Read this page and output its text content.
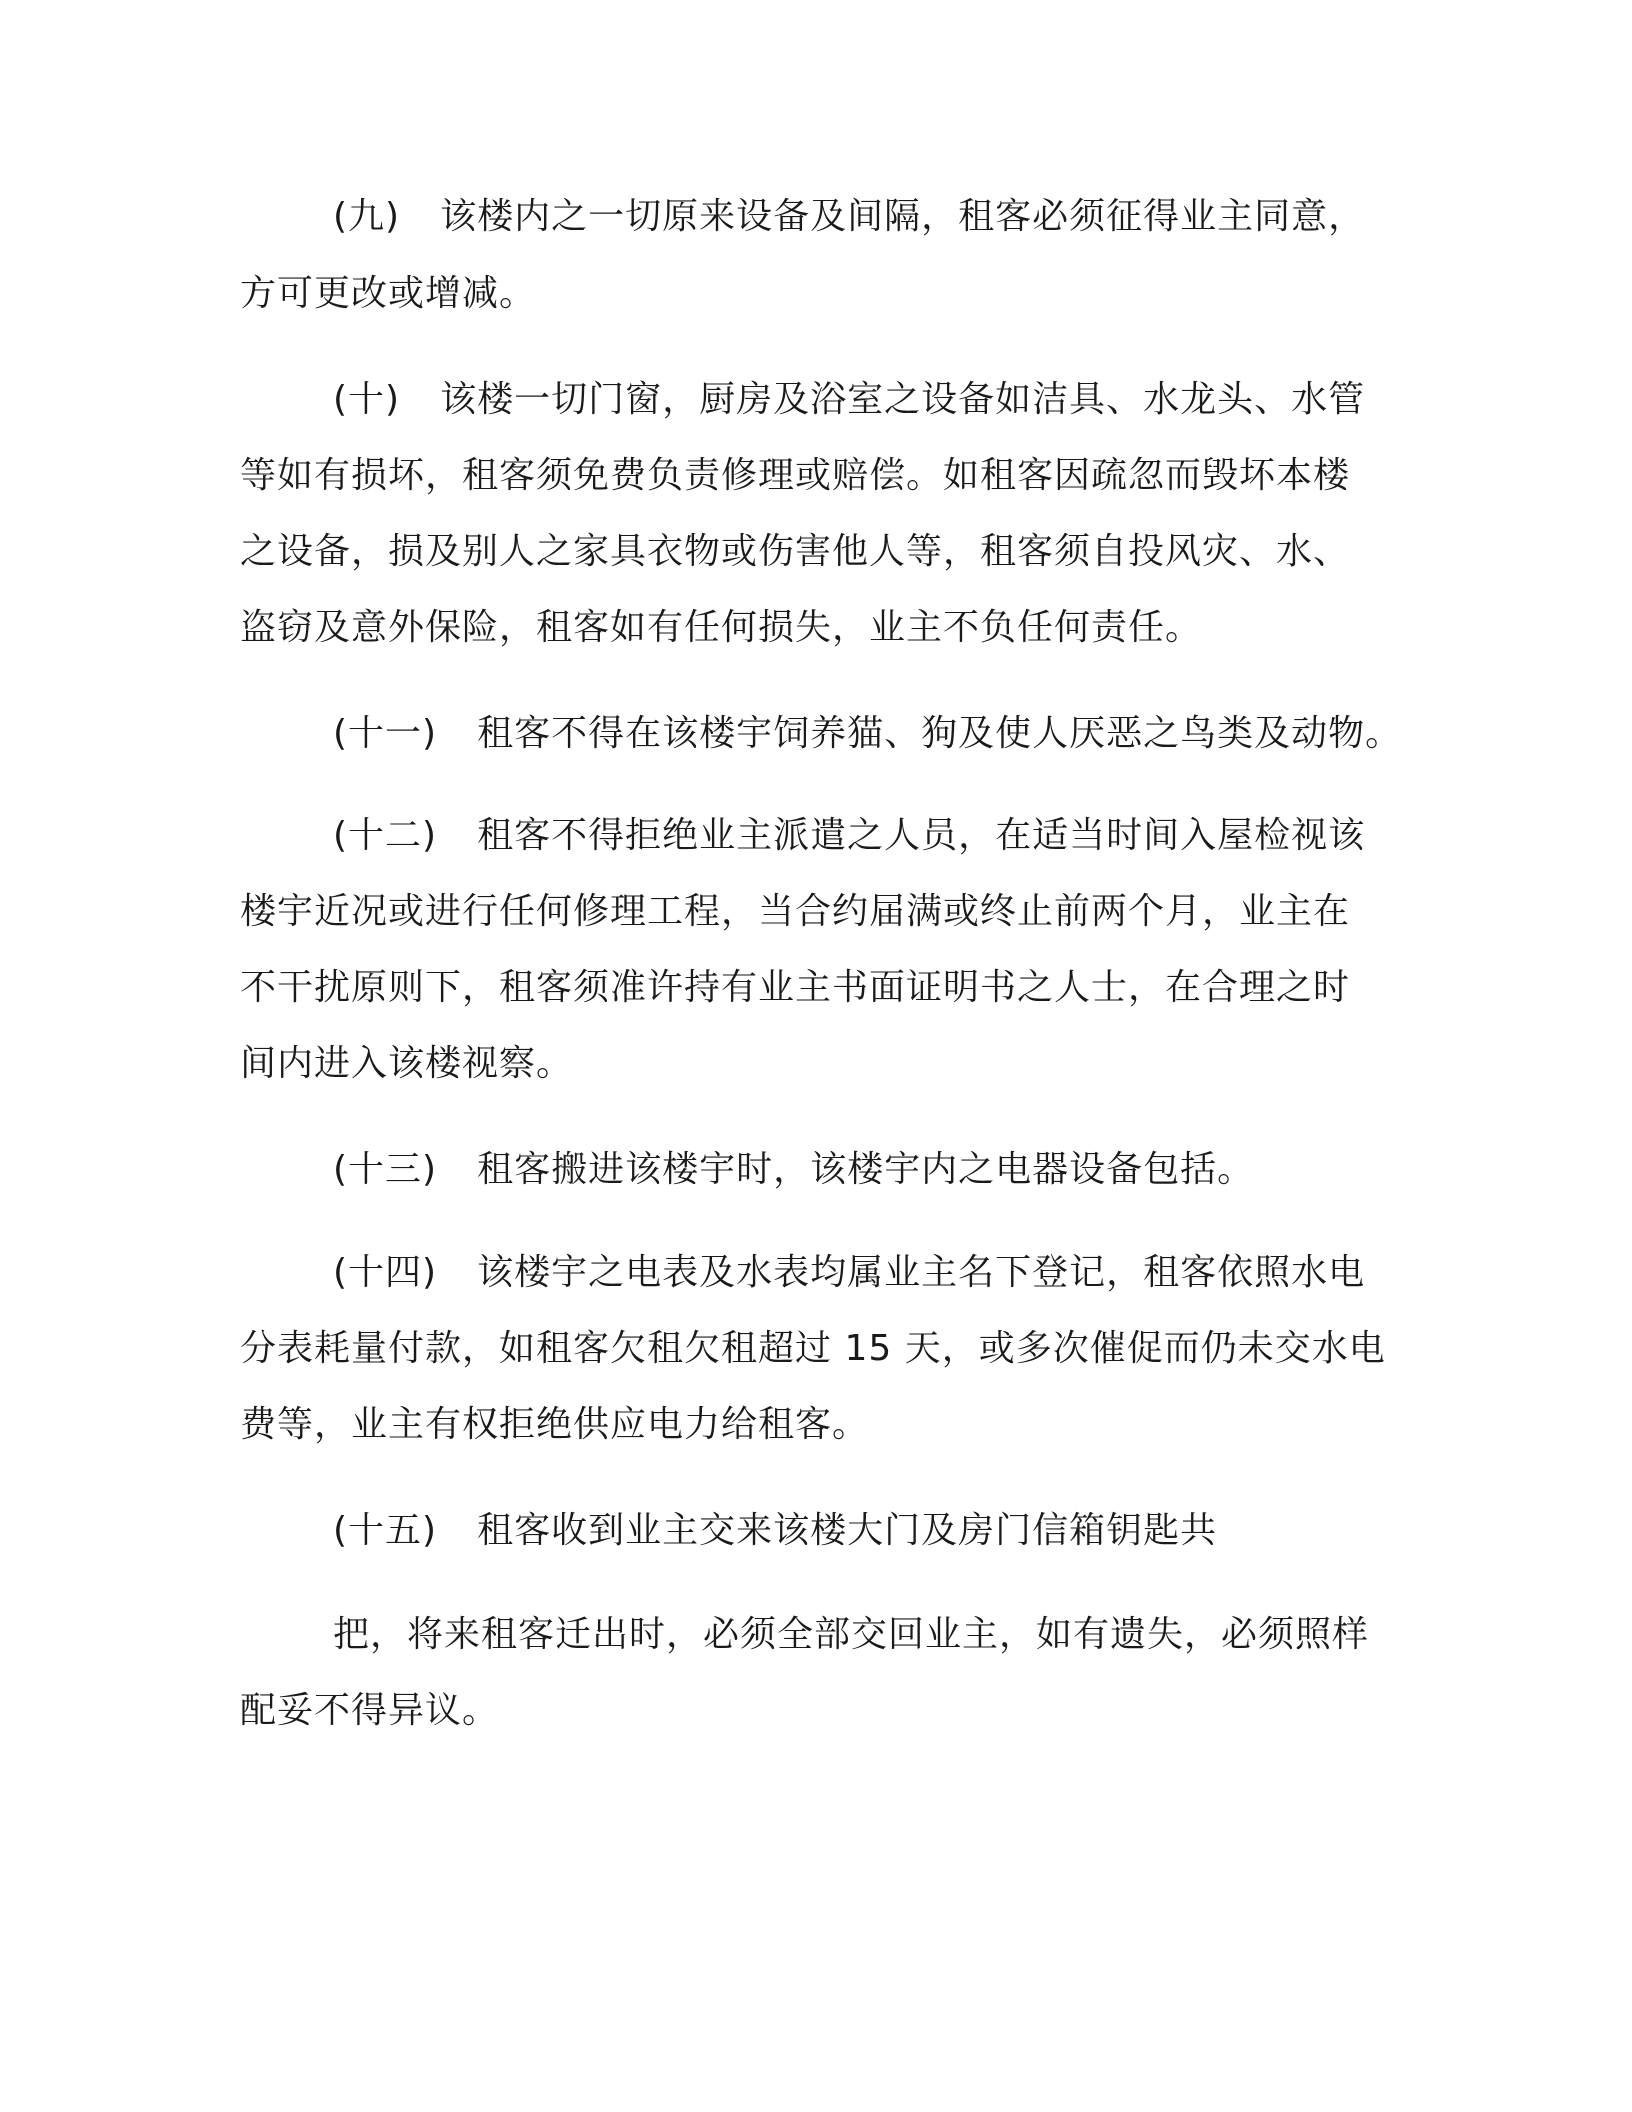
(九) 该楼内之一切原来设备及间隔，租客必须征得业主同意，
方可更改或增减。
(十) 该楼一切门窗，厨房及浴室之设备如洁具、水龙头、水管
等如有损坏，租客须免费负责修理或赔偿。如租客因疏忽而毁坏本楼
之设备，损及别人之家具衣物或伤害他人等，租客须自投风灾、水、
盗窃及意外保险，租客如有任何损失，业主不负任何责任。
(十一) 租客不得在该楼宇饲养猫、狗及使人厌恶之鸟类及动物。
(十二) 租客不得拒绝业主派遣之人员，在适当时间入屋检视该
楼宇近况或进行任何修理工程，当合约届满或终止前两个月，业主在
不干扰原则下，租客须准许持有业主书面证明书之人士，在合理之时
间内进入该楼视察。
(十三) 租客搬进该楼宇时，该楼宇内之电器设备包括。
(十四) 该楼宇之电表及水表均属业主名下登记，租客依照水电
分表耗量付款，如租客欠租欠租超过 15 天，或多次催促而仍未交水电
费等，业主有权拒绝供应电力给租客。
(十五) 租客收到业主交来该楼大门及房门信箱钥匙共
把，将来租客迁出时，必须全部交回业主，如有遗失，必须照样
配妥不得异议。
